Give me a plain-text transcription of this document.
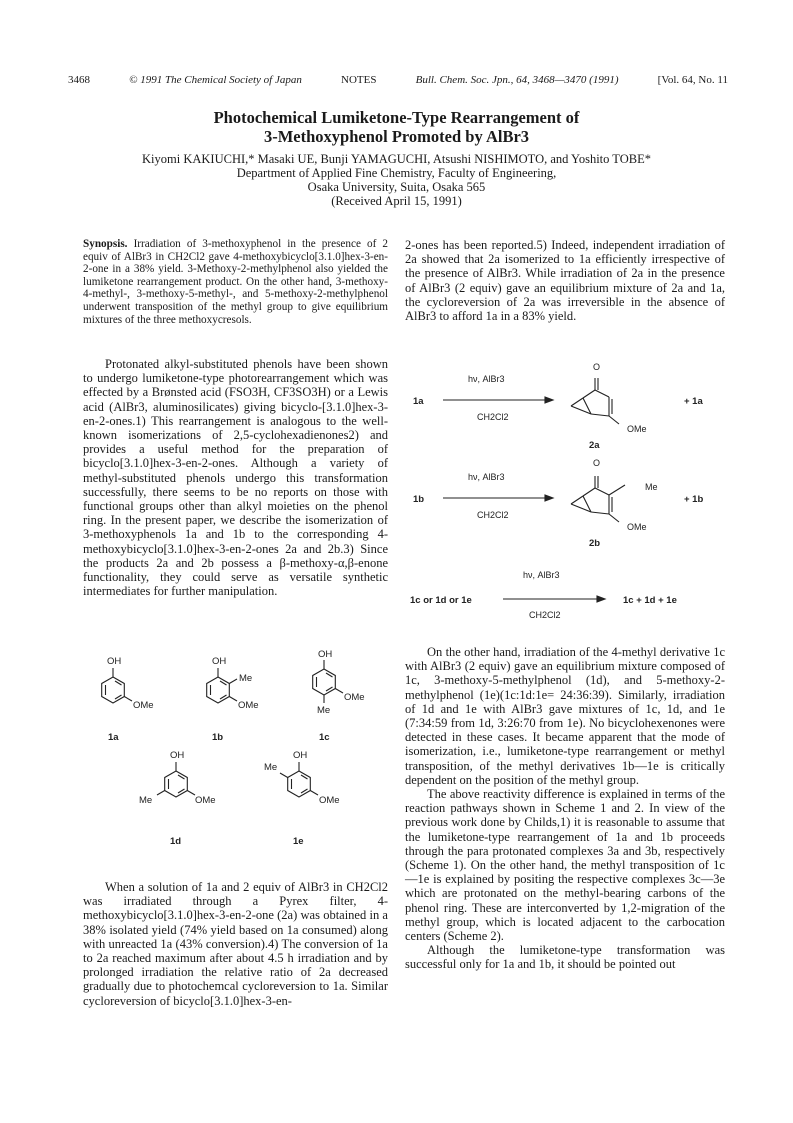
3468	© 1991 The Chemical Society of Japan	NOTES	Bull. Chem. Soc. Jpn., 64, 3468—3470 (1991)	[Vol. 64, No. 11
Photochemical Lumiketone-Type Rearrangement of
3-Methoxyphenol Promoted by AlBr3
Kiyomi KAKIUCHI,* Masaki UE, Bunji YAMAGUCHI, Atsushi NISHIMOTO, and Yoshito TOBE*
Department of Applied Fine Chemistry, Faculty of Engineering,
Osaka University, Suita, Osaka 565
(Received April 15, 1991)
Synopsis. Irradiation of 3-methoxyphenol in the presence of 2 equiv of AlBr3 in CH2Cl2 gave 4-methoxybicyclo[3.1.0]hex-3-en-2-one in a 38% yield. 3-Methoxy-2-methylphenol also yielded the lumiketone rearrangement product. On the other hand, 3-methoxy-4-methyl-, 3-methoxy-5-methyl-, and 5-methoxy-2-methylphenol underwent transposition of the methyl group to give equilibrium mixtures of the three methoxycresols.

Protonated alkyl-substituted phenols have been shown to undergo lumiketone-type photorearrangement which was effected by a Brønsted acid (FSO3H, CF3SO3H) or a Lewis acid (AlBr3, aluminosilicates) giving bicyclo-[3.1.0]hex-3-en-2-ones.1) This rearrangement is analogous to the well-known isomerizations of 2,5-cyclohexadienones2) and provides a useful method for the preparation of bicyclo[3.1.0]hex-3-en-2-ones. Although a variety of methyl-substituted phenols undergo this transformation successfully, there seems to be no reports on those with functional groups other than alkyl moieties on the phenol ring. In the present paper, we describe the isomerization of 3-methoxyphenols 1a and 1b to the corresponding 4-methoxybicyclo[3.1.0]hex-3-en-2-ones 2a and 2b.3) Since the products 2a and 2b possess a β-methoxy-α,β-enone functionality, they could serve as versatile synthetic intermediates for further manipulation.

OH
OMe
OH
Me
OMe
OH
OMe
Me
OH
Me	OMe
OH
Me
OMe
1a	1b	1c
1d	1e

When a solution of 1a and 2 equiv of AlBr3 in CH2Cl2 was irradiated through a Pyrex filter, 4-methoxybicyclo[3.1.0]hex-3-en-2-one (2a) was obtained in a 38% isolated yield (74% yield based on 1a consumed) along with unreacted 1a (43% conversion).4) The conversion of 1a to 2a reached maximum after about 4.5 h irradiation and by prolonged irradiation the relative ratio of 2a decreased gradually due to photochemcal cycloreversion to 1a. Similar cycloreversion of bicyclo[3.1.0]hex-3-en-

2-ones has been reported.5) Indeed, independent irradiation of 2a showed that 2a isomerized to 1a efficiently irrespective of the presence of AlBr3. While irradiation of 2a in the presence of AlBr3 (2 equiv) gave an equilibrium mixture of 2a and 1a, the cycloreversion of 2a was irreversible in the absence of AlBr3 to afford 1a in a 83% yield.

hν, AlBr3
CH2Cl2
O
OMe
hν, AlBr3
CH2Cl2
O
Me
OMe
hν, AlBr3
CH2Cl2
1a	+ 1a
2a
1b	+ 1b
2b
1c or 1d or 1e	1c + 1d + 1e

On the other hand, irradiation of the 4-methyl derivative 1c with AlBr3 (2 equiv) gave an equilibrium mixture composed of 1c, 3-methoxy-5-methylphenol (1d), and 5-methoxy-2-methylphenol (1e)(1c:1d:1e= 24:36:39). Similarly, irradiation of 1d and 1e with AlBr3 gave mixtures of 1c, 1d, and 1e (7:34:59 from 1d, 3:26:70 from 1e). No bicyclohexenones were detected in these cases. It became apparent that the mode of isomerization, i.e., lumiketone-type rearrangement or methyl transposition, of the methyl derivatives 1b—1e is critically dependent on the position of the methyl group.

The above reactivity difference is explained in terms of the reaction pathways shown in Scheme 1 and 2. In view of the previous work done by Childs,1) it is reasonable to assume that the lumiketone-type rearrangement of 1a and 1b proceeds through the para protonated complexes 3a and 3b, respectively (Scheme 1). On the other hand, the methyl transposition of 1c—1e is explained by positing the respective complexes 3c—3e which are protonated on the methyl-bearing carbons of the phenol ring. These are interconverted by 1,2-migration of the methyl group, which is located adjacent to the carbocation centers (Scheme 2).

Although the lumiketone-type transformation was successful only for 1a and 1b, it should be pointed out
